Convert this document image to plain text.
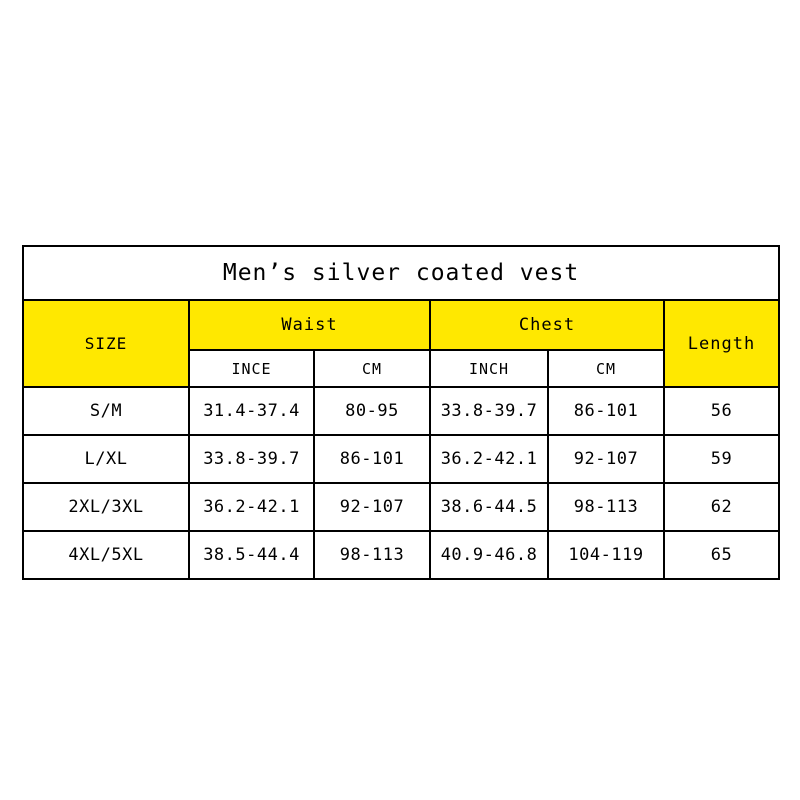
Men’s silver coated vest					
SIZE	Waist		Chest		Length
	INCE	CM	INCH	CM	
S/M	31.4-37.4	80-95	33.8-39.7	86-101	56
L/XL	33.8-39.7	86-101	36.2-42.1	92-107	59
2XL/3XL	36.2-42.1	92-107	38.6-44.5	98-113	62
4XL/5XL	38.5-44.4	98-113	40.9-46.8	104-119	65
